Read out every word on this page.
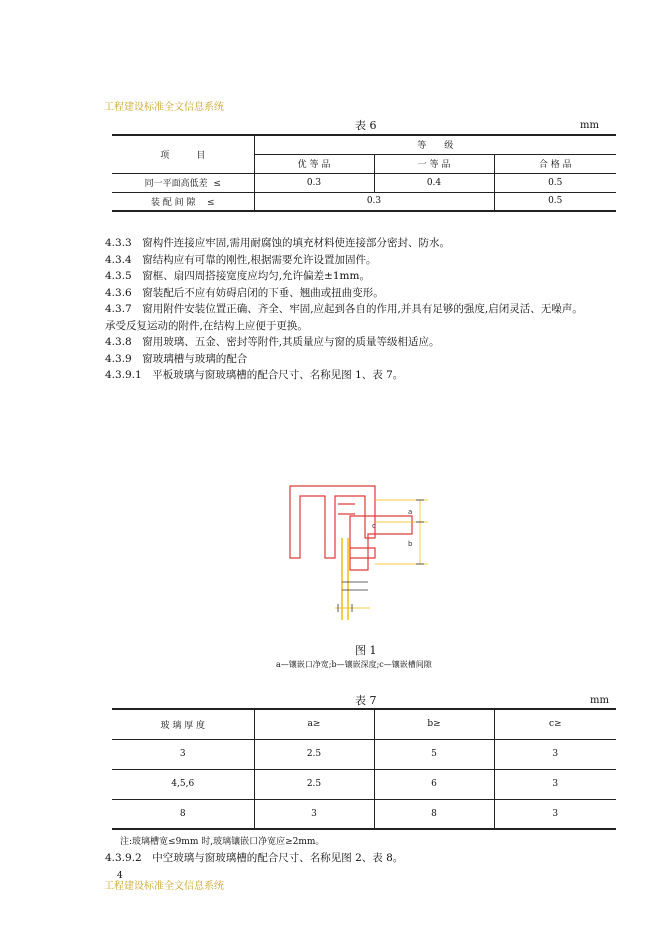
工程建设标准全文信息系统
表 6	mm
项　　　目	等　　级		
	优 等 品	一 等 品	合 格 品
同一平面高低差 ≤	0.3	0.4	0.5
装 配 间 隙 ≤	0.3		0.5
4.3.3　窗构件连接应牢固,需用耐腐蚀的填充材料使连接部分密封、防水。
4.3.4　窗结构应有可靠的刚性,根据需要允许设置加固件。
4.3.5　窗框、扇四周搭接宽度应均匀,允许偏差±1mm。
4.3.6　窗装配后不应有妨碍启闭的下垂、翘曲或扭曲变形。
4.3.7　窗用附件安装位置正确、齐全、牢固,应起到各自的作用,并具有足够的强度,启闭灵活、无噪声。
承受反复运动的附件,在结构上应便于更换。
4.3.8　窗用玻璃、五金、密封等附件,其质量应与窗的质量等级相适应。
4.3.9　窗玻璃槽与玻璃的配合
4.3.9.1　平板玻璃与窗玻璃槽的配合尺寸、名称见图 1、表 7。
a
b
c
图 1
a—镶嵌口净宽;b—镶嵌深度;c—镶嵌槽间隙
表 7	mm
玻 璃 厚 度	a≥	b≥	c≥
3	2.5	5	3
4,5,6	2.5	6	3
8	3	8	3
注:玻璃槽宽≤9mm 时,玻璃镶嵌口净宽应≥2mm。
4.3.9.2　中空玻璃与窗玻璃槽的配合尺寸、名称见图 2、表 8。
工程建设标准全文信息系统
4
